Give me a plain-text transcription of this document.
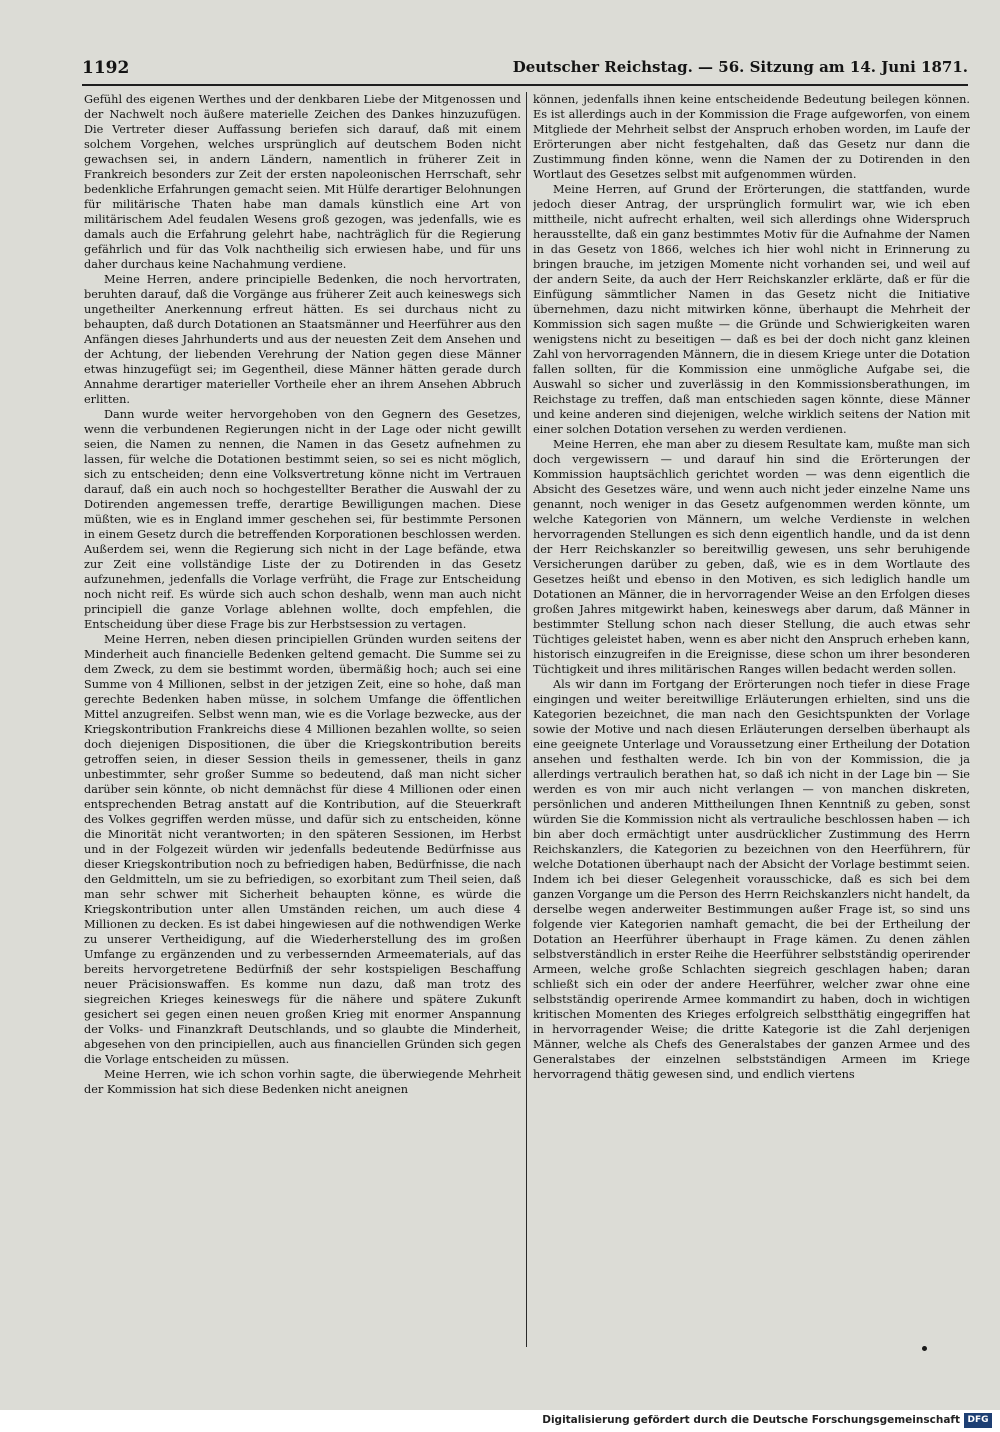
1192	Deutscher Reichstag. — 56. Sitzung am 14. Juni 1871.

Gefühl des eigenen Werthes und der denkbaren Liebe der Mitgenossen und der Nachwelt noch äußere materielle Zeichen des Dankes hinzuzufügen. Die Vertreter dieser Auffassung beriefen sich darauf, daß mit einem solchem Vorgehen, welches ursprünglich auf deutschem Boden nicht gewachsen sei, in andern Ländern, namentlich in früherer Zeit in Frankreich besonders zur Zeit der ersten napoleonischen Herrschaft, sehr bedenkliche Erfahrungen gemacht seien. Mit Hülfe derartiger Belohnungen für militärische Thaten habe man damals künstlich eine Art von militärischem Adel feudalen Wesens groß gezogen, was jedenfalls, wie es damals auch die Erfahrung gelehrt habe, nachträglich für die Regierung gefährlich und für das Volk nachtheilig sich erwiesen habe, und für uns daher durchaus keine Nachahmung verdiene.

Meine Herren, andere principielle Bedenken, die noch hervortraten, beruhten darauf, daß die Vorgänge aus früherer Zeit auch keineswegs sich ungetheilter Anerkennung erfreut hätten. Es sei durchaus nicht zu behaupten, daß durch Dotationen an Staatsmänner und Heerführer aus den Anfängen dieses Jahrhunderts und aus der neuesten Zeit dem Ansehen und der Achtung, der liebenden Verehrung der Nation gegen diese Männer etwas hinzugefügt sei; im Gegentheil, diese Männer hätten gerade durch Annahme derartiger materieller Vortheile eher an ihrem Ansehen Abbruch erlitten.

Dann wurde weiter hervorgehoben von den Gegnern des Gesetzes, wenn die verbundenen Regierungen nicht in der Lage oder nicht gewillt seien, die Namen zu nennen, die Namen in das Gesetz aufnehmen zu lassen, für welche die Dotationen bestimmt seien, so sei es nicht möglich, sich zu entscheiden; denn eine Volksvertretung könne nicht im Vertrauen darauf, daß ein auch noch so hochgestellter Berather die Auswahl der zu Dotirenden angemessen treffe, derartige Bewilligungen machen. Diese müßten, wie es in England immer geschehen sei, für bestimmte Personen in einem Gesetz durch die betreffenden Korporationen beschlossen werden. Außerdem sei, wenn die Regierung sich nicht in der Lage befände, etwa zur Zeit eine vollständige Liste der zu Dotirenden in das Gesetz aufzunehmen, jedenfalls die Vorlage verfrüht, die Frage zur Entscheidung noch nicht reif. Es würde sich auch schon deshalb, wenn man auch nicht principiell die ganze Vorlage ablehnen wollte, doch empfehlen, die Entscheidung über diese Frage bis zur Herbstsession zu vertagen.

Meine Herren, neben diesen principiellen Gründen wurden seitens der Minderheit auch financielle Bedenken geltend gemacht. Die Summe sei zu dem Zweck, zu dem sie bestimmt worden, übermäßig hoch; auch sei eine Summe von 4 Millionen, selbst in der jetzigen Zeit, eine so hohe, daß man gerechte Bedenken haben müsse, in solchem Umfange die öffentlichen Mittel anzugreifen. Selbst wenn man, wie es die Vorlage bezwecke, aus der Kriegskontribution Frankreichs diese 4 Millionen bezahlen wollte, so seien doch diejenigen Dispositionen, die über die Kriegskontribution bereits getroffen seien, in dieser Session theils in gemessener, theils in ganz unbestimmter, sehr großer Summe so bedeutend, daß man nicht sicher darüber sein könnte, ob nicht demnächst für diese 4 Millionen oder einen entsprechenden Betrag anstatt auf die Kontribution, auf die Steuerkraft des Volkes gegriffen werden müsse, und dafür sich zu entscheiden, könne die Minorität nicht verantworten; in den späteren Sessionen, im Herbst und in der Folgezeit würden wir jedenfalls bedeutende Bedürfnisse aus dieser Kriegskontribution noch zu befriedigen haben, Bedürfnisse, die nach den Geldmitteln, um sie zu befriedigen, so exorbitant zum Theil seien, daß man sehr schwer mit Sicherheit behaupten könne, es würde die Kriegskontribution unter allen Umständen reichen, um auch diese 4 Millionen zu decken. Es ist dabei hingewiesen auf die nothwendigen Werke zu unserer Vertheidigung, auf die Wiederherstellung des im großen Umfange zu ergänzenden und zu verbessernden Armeematerials, auf das bereits hervorgetretene Bedürfniß der sehr kostspieligen Beschaffung neuer Präcisionswaffen. Es komme nun dazu, daß man trotz des siegreichen Krieges keineswegs für die nähere und spätere Zukunft gesichert sei gegen einen neuen großen Krieg mit enormer Anspannung der Volks- und Finanzkraft Deutschlands, und so glaubte die Minderheit, abgesehen von den principiellen, auch aus financiellen Gründen sich gegen die Vorlage entscheiden zu müssen.

Meine Herren, wie ich schon vorhin sagte, die überwiegende Mehrheit der Kommission hat sich diese Bedenken nicht aneignen

können, jedenfalls ihnen keine entscheidende Bedeutung beilegen können. Es ist allerdings auch in der Kommission die Frage aufgeworfen, von einem Mitgliede der Mehrheit selbst der Anspruch erhoben worden, im Laufe der Erörterungen aber nicht festgehalten, daß das Gesetz nur dann die Zustimmung finden könne, wenn die Namen der zu Dotirenden in den Wortlaut des Gesetzes selbst mit aufgenommen würden.

Meine Herren, auf Grund der Erörterungen, die stattfanden, wurde jedoch dieser Antrag, der ursprünglich formulirt war, wie ich eben mittheile, nicht aufrecht erhalten, weil sich allerdings ohne Widerspruch herausstellte, daß ein ganz bestimmtes Motiv für die Aufnahme der Namen in das Gesetz von 1866, welches ich hier wohl nicht in Erinnerung zu bringen brauche, im jetzigen Momente nicht vorhanden sei, und weil auf der andern Seite, da auch der Herr Reichskanzler erklärte, daß er für die Einfügung sämmtlicher Namen in das Gesetz nicht die Initiative übernehmen, dazu nicht mitwirken könne, überhaupt die Mehrheit der Kommission sich sagen mußte — die Gründe und Schwierigkeiten waren wenigstens nicht zu beseitigen — daß es bei der doch nicht ganz kleinen Zahl von hervorragenden Männern, die in diesem Kriege unter die Dotation fallen sollten, für die Kommission eine unmögliche Aufgabe sei, die Auswahl so sicher und zuverlässig in den Kommissionsberathungen, im Reichstage zu treffen, daß man entschieden sagen könnte, diese Männer und keine anderen sind diejenigen, welche wirklich seitens der Nation mit einer solchen Dotation versehen zu werden verdienen.

Meine Herren, ehe man aber zu diesem Resultate kam, mußte man sich doch vergewissern — und darauf hin sind die Erörterungen der Kommission hauptsächlich gerichtet worden — was denn eigentlich die Absicht des Gesetzes wäre, und wenn auch nicht jeder einzelne Name uns genannt, noch weniger in das Gesetz aufgenommen werden könnte, um welche Kategorien von Männern, um welche Verdienste in welchen hervorragenden Stellungen es sich denn eigentlich handle, und da ist denn der Herr Reichskanzler so bereitwillig gewesen, uns sehr beruhigende Versicherungen darüber zu geben, daß, wie es in dem Wortlaute des Gesetzes heißt und ebenso in den Motiven, es sich lediglich handle um Dotationen an Männer, die in hervorragender Weise an den Erfolgen dieses großen Jahres mitgewirkt haben, keineswegs aber darum, daß Männer in bestimmter Stellung schon nach dieser Stellung, die auch etwas sehr Tüchtiges geleistet haben, wenn es aber nicht den Anspruch erheben kann, historisch einzugreifen in die Ereignisse, diese schon um ihrer besonderen Tüchtigkeit und ihres militärischen Ranges willen bedacht werden sollen.

Als wir dann im Fortgang der Erörterungen noch tiefer in diese Frage eingingen und weiter bereitwillige Erläuterungen erhielten, sind uns die Kategorien bezeichnet, die man nach den Gesichtspunkten der Vorlage sowie der Motive und nach diesen Erläuterungen derselben überhaupt als eine geeignete Unterlage und Voraussetzung einer Ertheilung der Dotation ansehen und festhalten werde. Ich bin von der Kommission, die ja allerdings vertraulich berathen hat, so daß ich nicht in der Lage bin — Sie werden es von mir auch nicht verlangen — von manchen diskreten, persönlichen und anderen Mittheilungen Ihnen Kenntniß zu geben, sonst würden Sie die Kommission nicht als vertrauliche beschlossen haben — ich bin aber doch ermächtigt unter ausdrücklicher Zustimmung des Herrn Reichskanzlers, die Kategorien zu bezeichnen von den Heerführern, für welche Dotationen überhaupt nach der Absicht der Vorlage bestimmt seien. Indem ich bei dieser Gelegenheit vorausschicke, daß es sich bei dem ganzen Vorgange um die Person des Herrn Reichskanzlers nicht handelt, da derselbe wegen anderweiter Bestimmungen außer Frage ist, so sind uns folgende vier Kategorien namhaft gemacht, die bei der Ertheilung der Dotation an Heerführer überhaupt in Frage kämen. Zu denen zählen selbstverständlich in erster Reihe die Heerführer selbstständig operirender Armeen, welche große Schlachten siegreich geschlagen haben; daran schließt sich ein oder der andere Heerführer, welcher zwar ohne eine selbstständig operirende Armee kommandirt zu haben, doch in wichtigen kritischen Momenten des Krieges erfolgreich selbstthätig eingegriffen hat in hervorragender Weise; die dritte Kategorie ist die Zahl derjenigen Männer, welche als Chefs des Generalstabes der ganzen Armee und des Generalstabes der einzelnen selbstständigen Armeen im Kriege hervorragend thätig gewesen sind, und endlich viertens

Digitalisierung gefördert durch die Deutsche Forschungsgemeinschaft DFG
